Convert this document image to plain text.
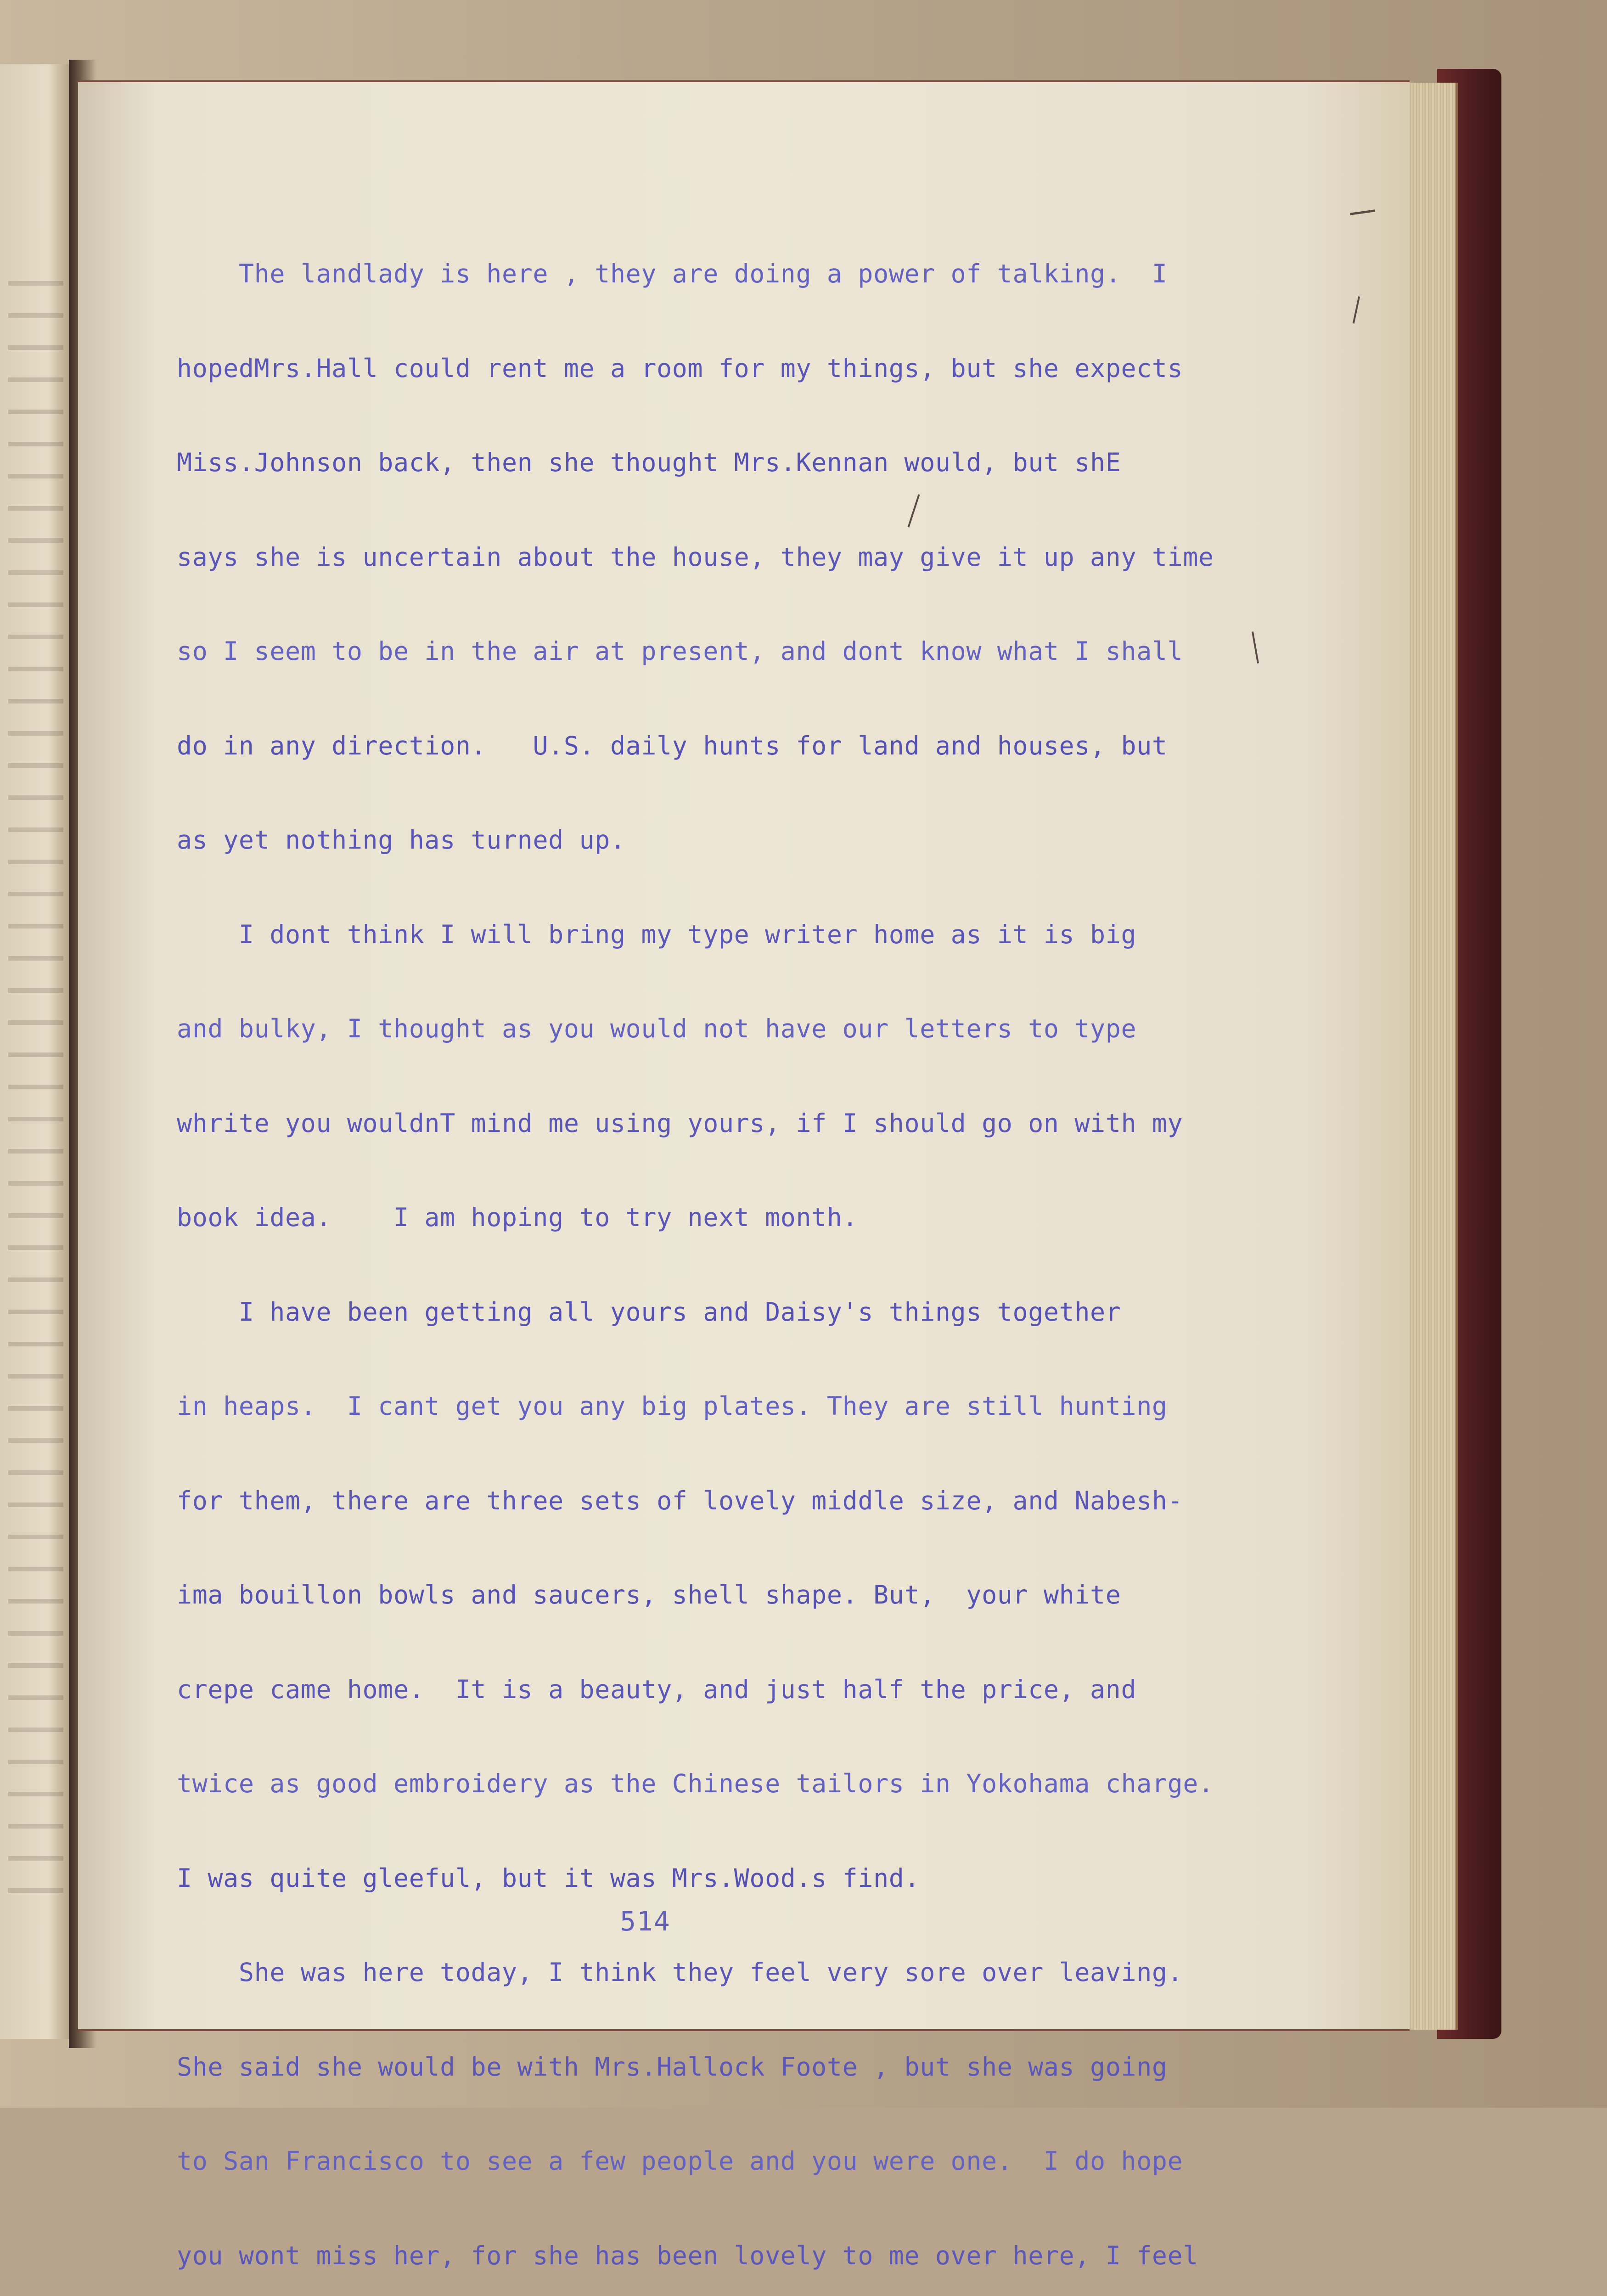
The landlady is here , they are doing a power of talking.  I

hopedMrs.Hall could rent me a room for my things, but she expects

Miss.Johnson back, then she thought Mrs.Kennan would, but shE

says she is uncertain about the house, they may give it up any time

so I seem to be in the air at present, and dont know what I shall

do in any direction.   U.S. daily hunts for land and houses, but

as yet nothing has turned up.

I dont think I will bring my type writer home as it is big

and bulky, I thought as you would not have our letters to type

whrite you wouldnT mind me using yours, if I should go on with my

book idea.    I am hoping to try next month.

I have been getting all yours and Daisy's things together

in heaps.  I cant get you any big plates. They are still hunting

for them, there are three sets of lovely middle size, and Nabesh-

ima bouillon bowls and saucers, shell shape. But,  your white

crepe came home.  It is a beauty, and just half the price, and

twice as good embroidery as the Chinese tailors in Yokohama charge.

I was quite gleeful, but it was Mrs.Wood.s find.

She was here today, I think they feel very sore over leaving.

She said she would be with Mrs.Hallock Foote , but she was going

to San Francisco to see a few people and you were one.  I do hope

you wont miss her, for she has been lovely to me over here, I feel

514
